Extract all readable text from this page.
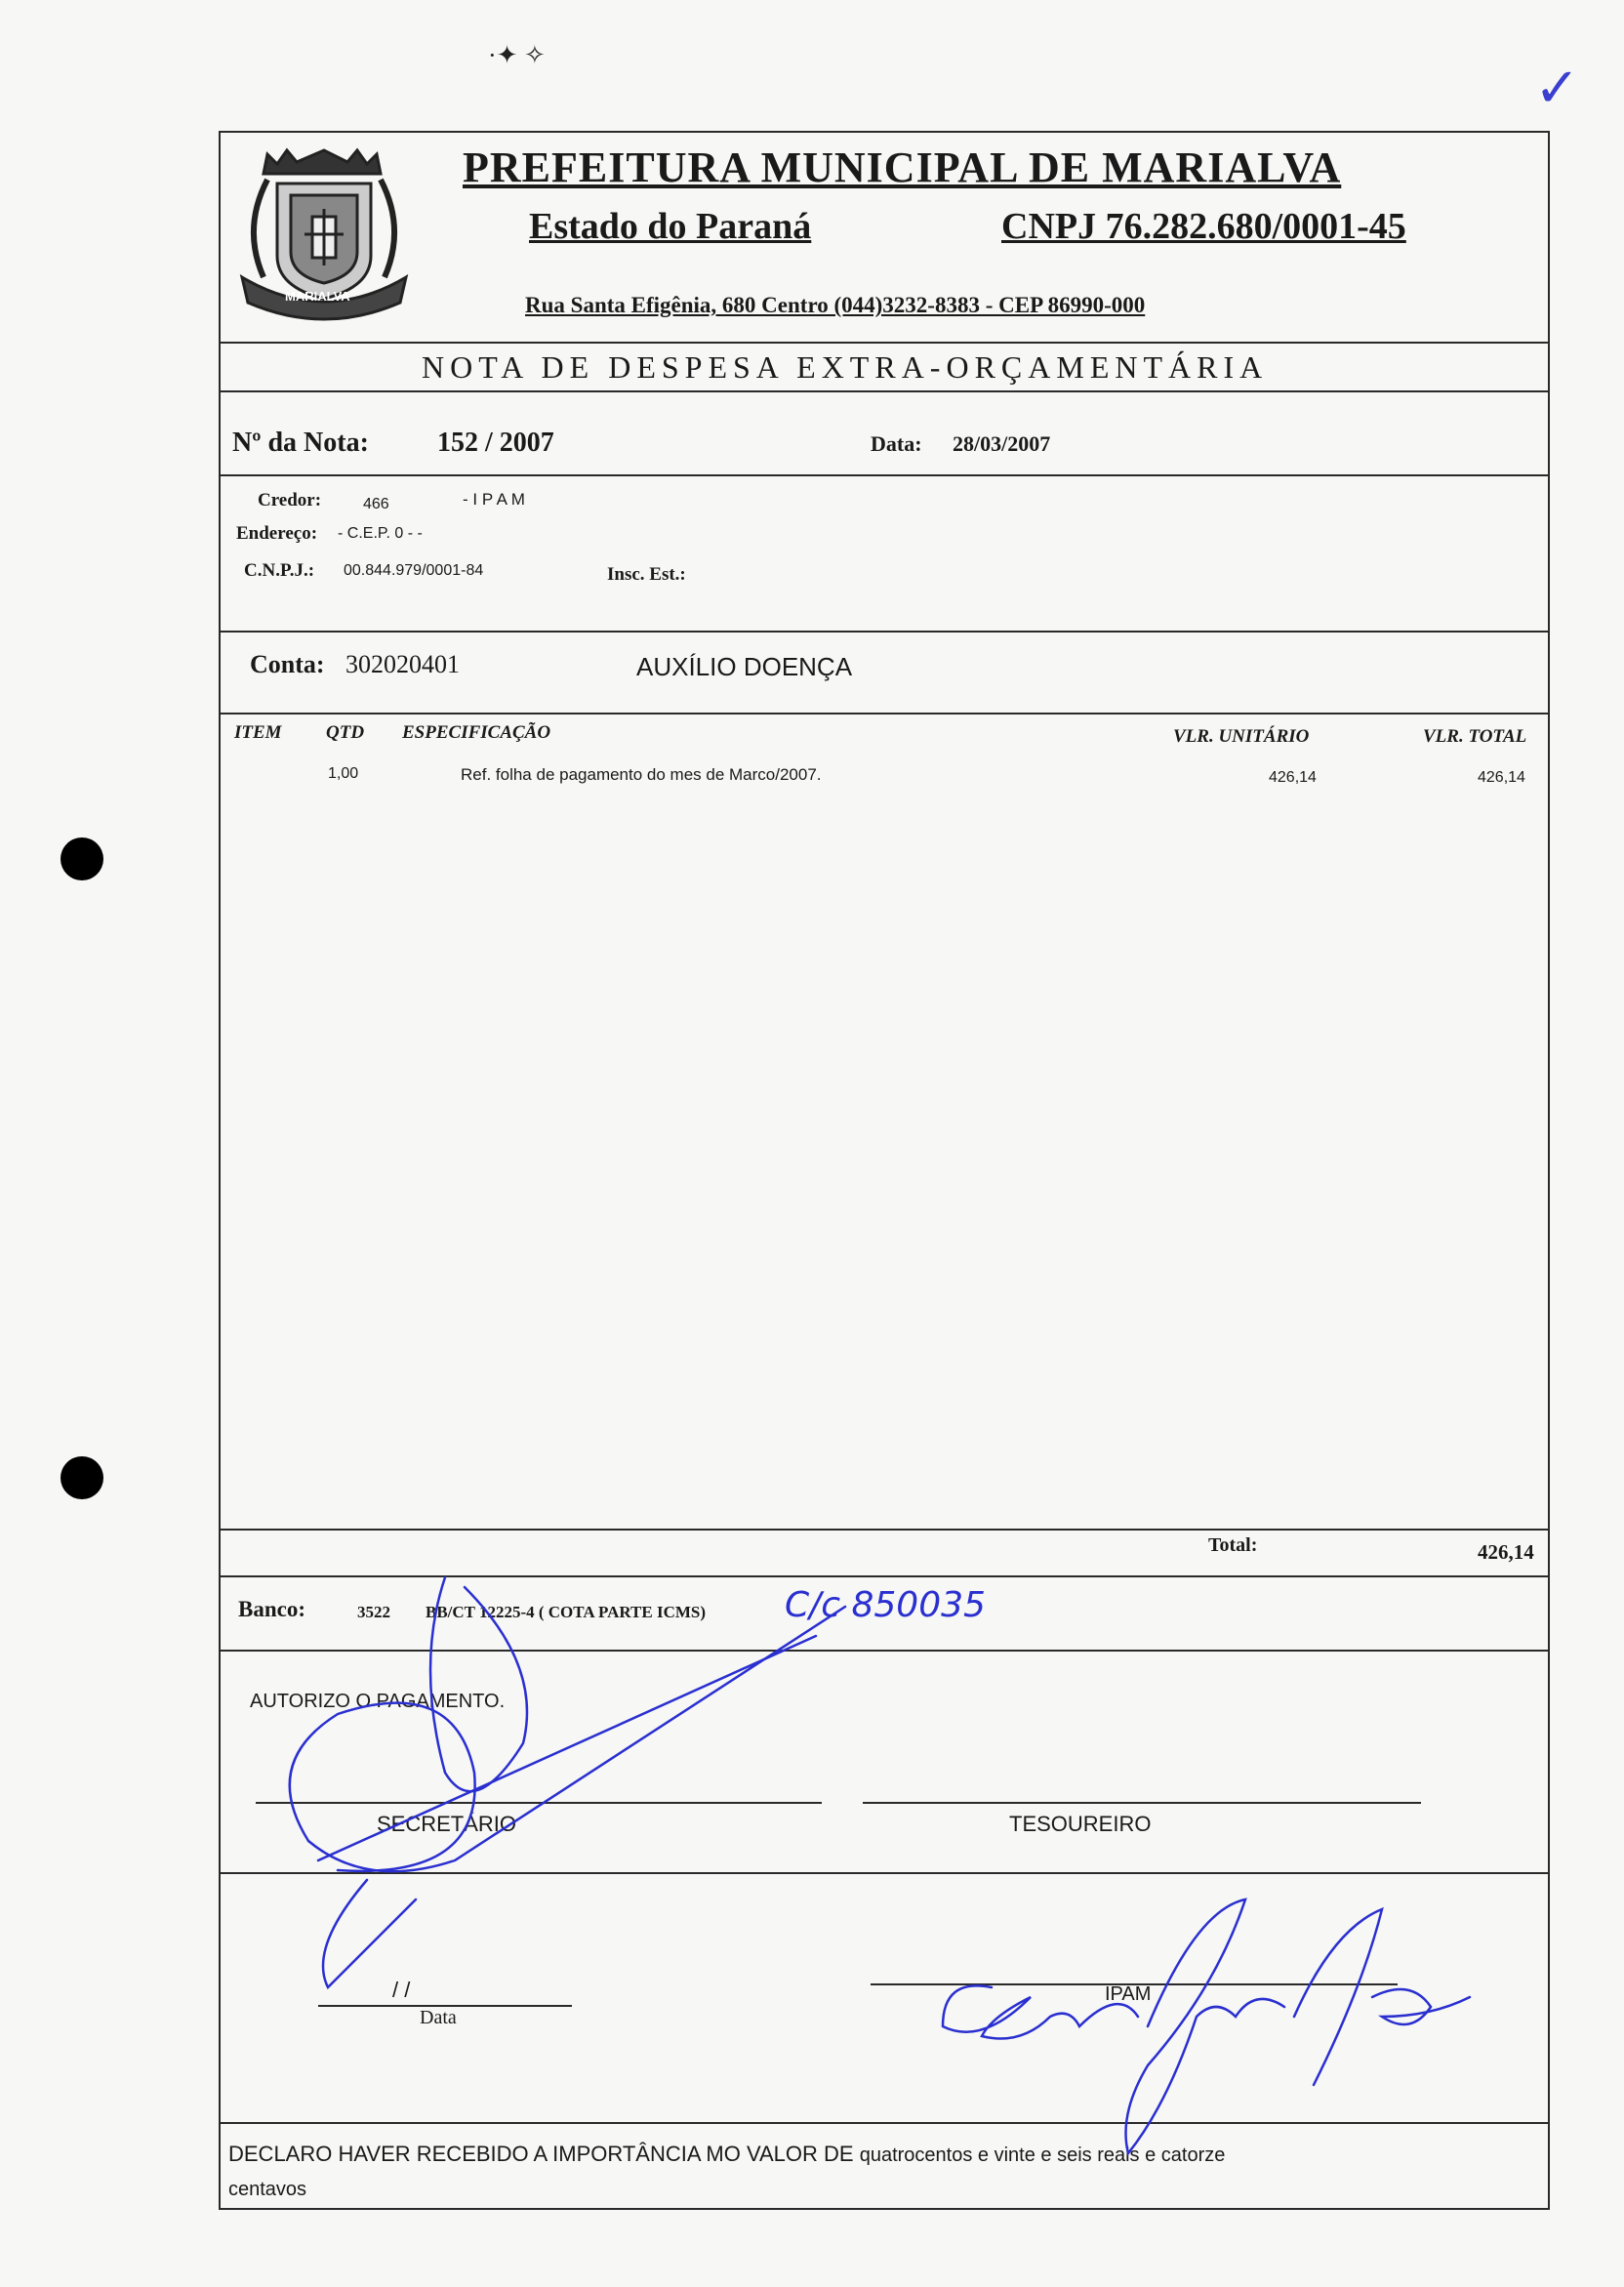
✓
·✦ ✧
MARIALVA
PREFEITURA MUNICIPAL DE MARIALVA
Estado do Paraná	CNPJ 76.282.680/0001-45
Rua Santa Efigênia, 680 Centro (044)3232-8383 - CEP 86990-000
NOTA DE DESPESA EXTRA-ORÇAMENTÁRIA
Nº da Nota:	152 / 2007	Data: 28/03/2007
Credor:	466	- I P A M
Endereço: - C.E.P. 0 - -
C.N.P.J.: 00.844.979/0001-84	Insc. Est.:
Conta: 302020401	AUXÍLIO DOENÇA
ITEM QTD ESPECIFICAÇÃO	VLR. UNITÁRIO	VLR. TOTAL
1,00	Ref. folha de pagamento do mes de Marco/2007.	426,14	426,14
Total:	426,14
Banco:	3522 BB/CT 12225-4 ( COTA PARTE ICMS) C/c 850035
AUTORIZO O PAGAMENTO.
SECRETÁRIO	TESOUREIRO
/ /
Data
IPAM
DECLARO HAVER RECEBIDO A IMPORTÂNCIA MO VALOR DE quatrocentos e vinte e seis reais e catorze
centavos
